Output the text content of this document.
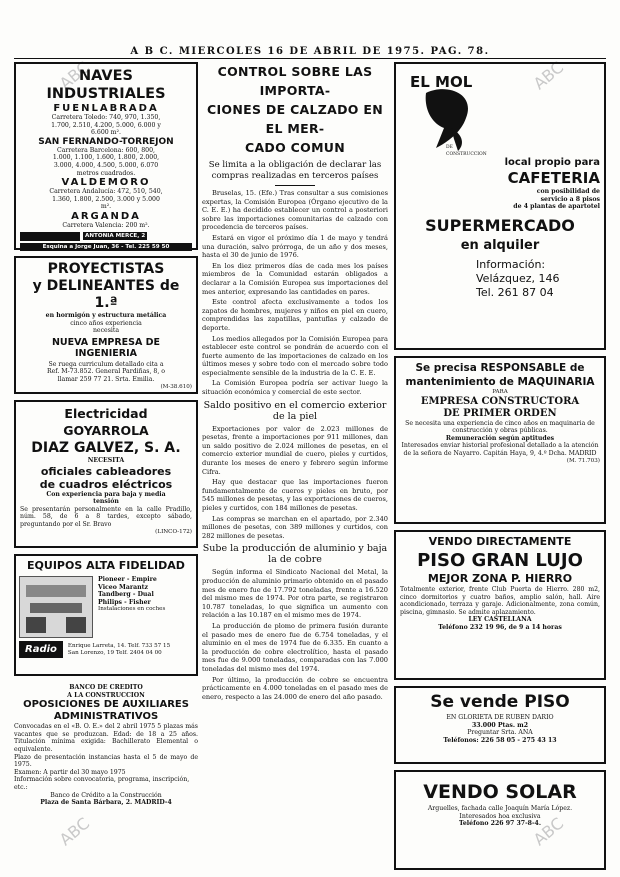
A B C. MIERCOLES 16 DE ABRIL DE 1975. PAG. 78.
ABC	ABC
ABC	ABC
NAVES INDUSTRIALES
FUENLABRADA
Carretera Toledo: 740, 970, 1.350,
1.700, 2.510, 4.200, 5.000, 6.000 y
6.600 m².
SAN FERNANDO-TORREJON
Carretera Barcelona: 600, 800,
1.000, 1.100, 1.600, 1.800, 2.000,
3.000, 4.000, 4.500, 5.000, 6.070
metros cuadrados.
VALDEMORO
Carretera Andalucía: 472, 510, 540,
1.360, 1.800, 2.500, 3.000 y 5.000
m².
ARGANDA
Carretera Valencia: 200 m².
ANTONIA MERCE, 2
Esquina a Jorge Juan, 36 - Tel. 225 59 50
PROYECTISTAS
y DELINEANTES de 1.ª
en hormigón y estructura metálica
cinco años experiencia
necesita
NUEVA EMPRESA DE INGENIERIA
Se ruega curriculum detallado cita a
Ref. M-73.852. General Pardiñas, 8, o
llamar 259 77 21. Srta. Emilia.
(M-38.610)
Electricidad GOYARROLA
DIAZ GALVEZ, S. A.
NECESITA
oficiales cableadores
de cuadros eléctricos
Con experiencia para baja y media
tensión
Se presentarán personalmente en la calle Pradillo, núm. 58, de 6 a 8 tardes, excepto sábado, preguntando por el Sr. Bravo
(LINCO-172)
EQUIPOS ALTA FIDELIDAD
Pioneer - Empire
Viceo Marantz
Tandberg - Dual
Philips - Fisher
Instalaciones en coches
Radio	Enrique Larreta, 14. Telf. 733 57 15
San Lorenzo, 19 Telf. 2404 04 00
BANCO DE CREDITO
A LA CONSTRUCCION
OPOSICIONES DE AUXILIARES
ADMINISTRATIVOS
Convocadas en el «B. O. E.» del 2 abril 1975 5 plazas más vacantes que se produzcan. Edad: de 18 a 25 años. Titulación mínima exigida: Bachillerato Elemental o equivalente.
Plazo de presentación instancias hasta el 5 de mayo de 1975.
Examen: A partir del 30 mayo 1975
Información sobre convocatoria, programa, inscripción, etc.:
Banco de Crédito a la Construcción
Plaza de Santa Bárbara, 2. MADRID-4
CONTROL SOBRE LAS IMPORTA-
CIONES DE CALZADO EN EL MER-
CADO COMUN
Se limita a la obligación de declarar las compras realizadas en terceros países

Bruselas, 15. (Efe.) Tras consultar a sus comisiones expertas, la Comisión Europea (Órgano ejecutivo de la C. E. E.) ha decidido establecer un control a posteriori sobre las importaciones comunitarias de calzado con procedencia de terceros países.

Estará en vigor el próximo día 1 de mayo y tendrá una duración, salvo prórroga, de un año y dos meses, hasta el 30 de junio de 1976.

En los diez primeros días de cada mes los países miembros de la Comunidad estarán obligados a declarar a la Comisión Europea sus importaciones del mes anterior, expresando las cantidades en pares.

Este control afecta exclusivamente a todos los zapatos de hombres, mujeres y niños en piel en cuero, comprendidas las zapatillas, pantuflas y calzado de deporte.

Los medios allegados por la Comisión Europea para establecer este control se pondrán de acuerdo con el fuerte aumento de las importaciones de calzado en los últimos meses y sobre todo con el mercado sobre todo especialmente sensible de la industria de la C. E. E.

La Comisión Europea podría ser activar luego la situación económica y comercial de este sector.

Saldo positivo en el comercio exterior de la piel

Exportaciones por valor de 2.023 millones de pesetas, frente a importaciones por 911 millones, dan un saldo positivo de 2.024 millones de pesetas, en el comercio exterior mundial de cuero, pieles y curtidos, durante los meses de enero y febrero según informe Cifra.

Hay que destacar que las importaciones fueron fundamentalmente de cueros y pieles en bruto, por 545 millones de pesetas, y las exportaciones de cueros, pieles y curtidos, con 184 millones de pesetas.

Las compras se marchan en el apartado, por 2.340 millones de pesetas, con 389 millones y curtidos, con 282 millones de pesetas.

Sube la producción de aluminio y baja la de cobre

Según informa el Sindicato Nacional del Metal, la producción de aluminio primario obtenido en el pasado mes de enero fue de 17.792 toneladas, frente a 16.520 del mismo mes de 1974. Por otra parte, se registraron 10.787 toneladas, lo que significa un aumento con relación a las 10.187 en el mismo mes de 1974.

La producción de plomo de primera fusión durante el pasado mes de enero fue de 6.754 toneladas, y el aluminio en el mes de 1974 fue de 6.335. En cuanto a la producción de cobre electrolítico, hasta el pasado mes fue de 9.000 toneladas, comparadas con las 7.000 toneladas del mismo mes del 1974.

Por último, la producción de cobre se encuentra prácticamente en 4.000 toneladas en el pasado mes de enero, respecto a las 24.000 de enero del año pasado.

EL MOL
DE CONSTRUCCION
local propio para
CAFETERIA
con posibilidad de
servicio a 8 pisos
de 4 plantas de apartotel
SUPERMERCADO
en alquiler
Información:
Velázquez, 146
Tel. 261 87 04
Se precisa RESPONSABLE de
mantenimiento de MAQUINARIA
PARA
EMPRESA CONSTRUCTORA
DE PRIMER ORDEN
Se necesita una experiencia de cinco años en maquinaria de construcción y obras públicas.
Remuneración según aptitudes
Interesados enviar historial profesional detallado a la atención de la señora de Nayarro. Capitán Haya, 9, 4.º Dcha. MADRID
(M. 71.703)
VENDO DIRECTAMENTE
PISO GRAN LUJO
MEJOR ZONA P. HIERRO
Totalmente exterior, frente Club Puerta de Hierro. 280 m2, cinco dormitorios y cuatro baños, amplio salón, hall. Aire acondicionado, terraza y garaje. Adicionalmente, zona común, piscina, gimnasio. Se admite aplazamiento.
LEY CASTELLANA
Teléfono 232 19 96, de 9 a 14 horas
Se vende PISO
EN GLORIETA DE RUBEN DARIO
33.000 Ptas. m2
Preguntar Srta. ANA
Teléfonos: 226 58 05 - 275 43 13
VENDO SOLAR
Arguelles, fachada calle Joaquín María López.
Interesados hoa exclusiva
Teléfono 226 97 37-8-4.
